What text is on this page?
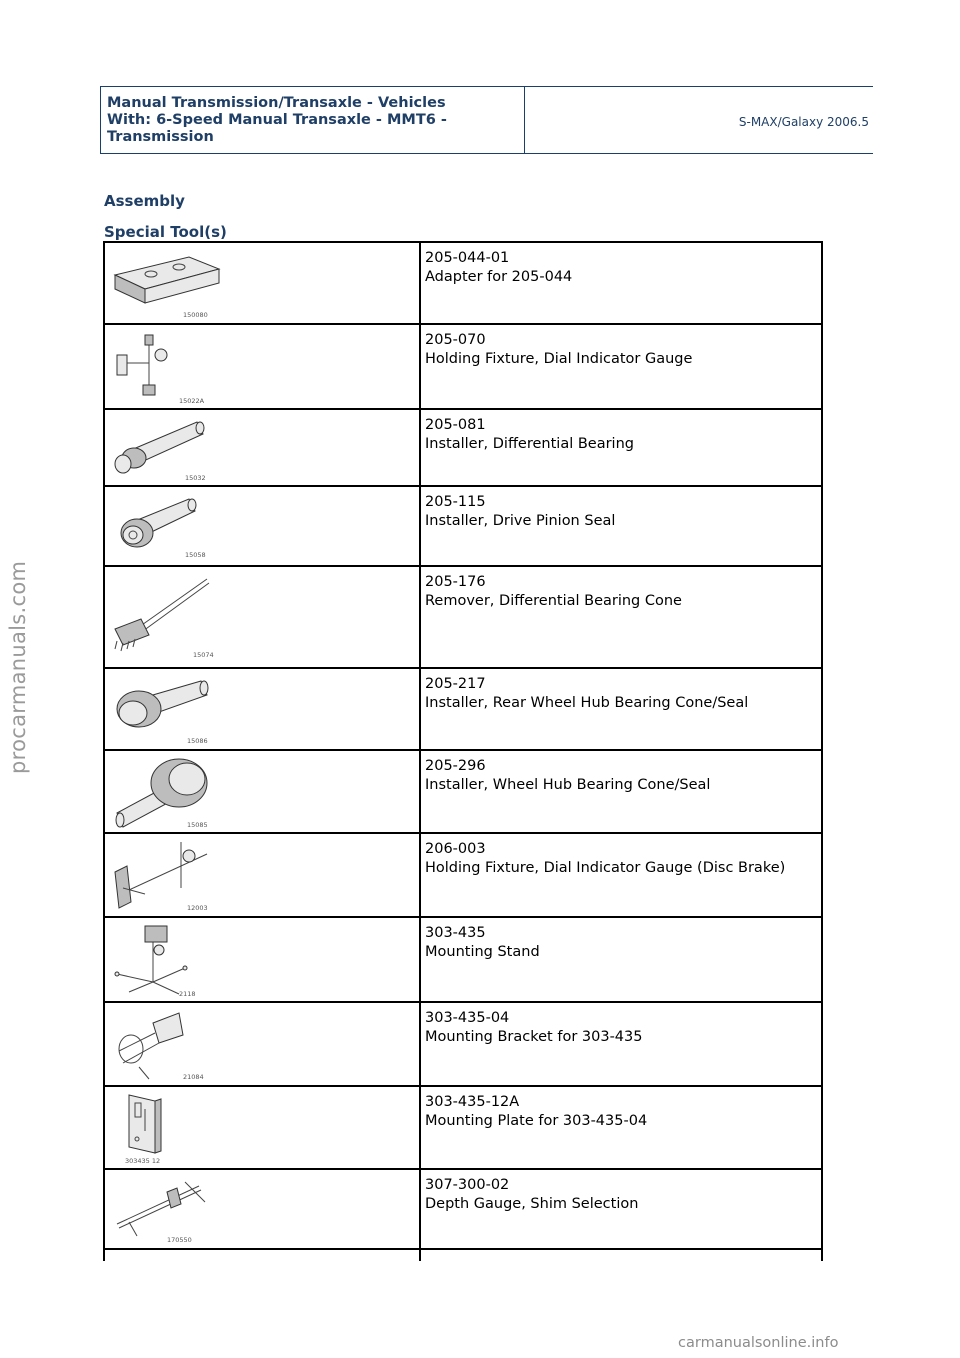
Manual Transmission/Transaxle - Vehicles
With: 6-Speed Manual Transaxle - MMT6 -
Transmission
S-MAX/Galaxy 2006.5
Assembly
Special Tool(s)
150080
205-044-01
Adapter for 205-044
15022A
205-070
Holding Fixture, Dial Indicator Gauge
15032
205-081
Installer, Differential Bearing
15058
205-115
Installer, Drive Pinion Seal
15074
205-176
Remover, Differential Bearing Cone
15086
205-217
Installer, Rear Wheel Hub Bearing Cone/Seal
15085
205-296
Installer, Wheel Hub Bearing Cone/Seal
12003
206-003
Holding Fixture, Dial Indicator Gauge (Disc Brake)
2118
303-435
Mounting Stand
21084
303-435-04
Mounting Bracket for 303-435
303435 12
303-435-12A
Mounting Plate for 303-435-04
170550
307-300-02
Depth Gauge, Shim Selection
procarmanuals.com
carmanualsonline.info
